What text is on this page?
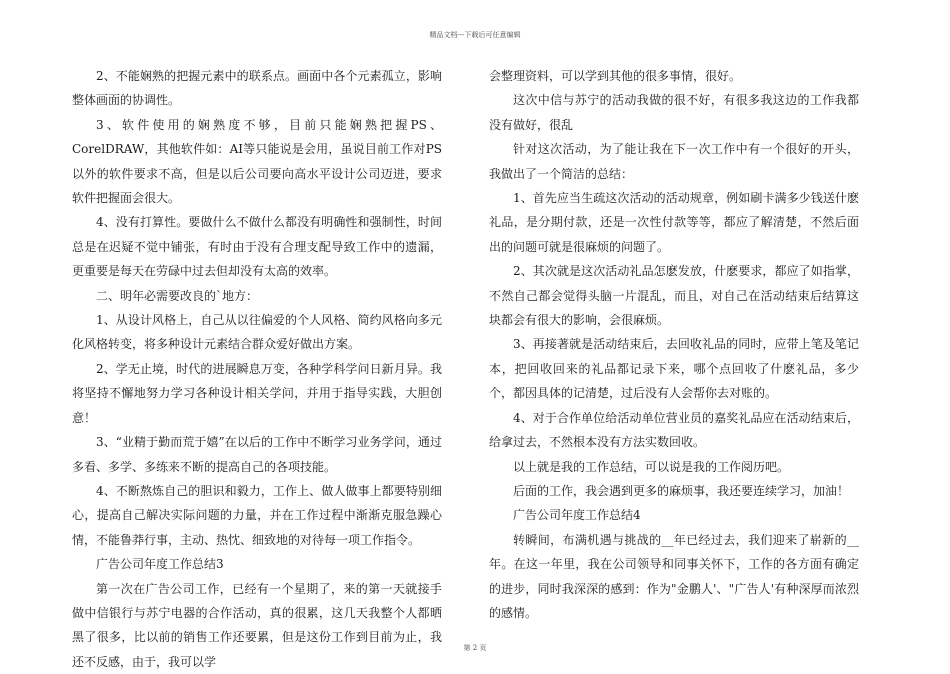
精品文档---下载后可任意编辑

2、不能娴熟的把握元素中的联系点。画面中各个元素孤立，影响整体画面的协调性。

3、软件使用的娴熟度不够，目前只能娴熟把握PS、CorelDRAW，其他软件如：AI等只能说是会用，虽说目前工作对PS以外的软件要求不高，但是以后公司要向高水平设计公司迈进，要求软件把握面会很大。

4、没有打算性。要做什么不做什么都没有明确性和强制性，时间总是在迟疑不觉中铺张，有时由于没有合理支配导致工作中的遗漏，更重要是每天在劳碌中过去但却没有太高的效率。

二、明年必需要改良的`地方：

1、从设计风格上，自己从以往偏爱的个人风格、简约风格向多元化风格转变，将多种设计元素结合群众爱好做出方案。

2、学无止境，时代的进展瞬息万变，各种学科学问日新月异。我将坚持不懈地努力学习各种设计相关学问，并用于指导实践，大胆创意！

3、“业精于勤而荒于嬉”在以后的工作中不断学习业务学问，通过多看、多学、多练来不断的提高自己的各项技能。

4、不断熬炼自己的胆识和毅力，工作上、做人做事上都要特别细心，提高自己解决实际问题的力量，并在工作过程中渐渐克服急躁心情，不能鲁莽行事，主动、热忱、细致地的对待每一项工作指令。

广告公司年度工作总结3

第一次在广告公司工作，已经有一个星期了，来的第一天就接手做中信银行与苏宁电器的合作活动，真的很累，这几天我整个人都晒黑了很多，比以前的销售工作还要累，但是这份工作到目前为止，我还不反感，由于，我可以学

会整理资料，可以学到其他的很多事情，很好。

这次中信与苏宁的活动我做的很不好，有很多我这边的工作我都没有做好，很乱

针对这次活动，为了能让我在下一次工作中有一个很好的开头，我做出了一个简洁的总结：

1、首先应当生疏这次活动的活动规章，例如刷卡满多少钱送什麽礼品，是分期付款，还是一次性付款等等，都应了解清楚，不然后面出的问题可就是很麻烦的问题了。

2、其次就是这次活动礼品怎麽发放，什麽要求，都应了如指掌，不然自己都会觉得头脑一片混乱，而且，对自己在活动结束后结算这块都会有很大的影响，会很麻烦。

3、再接著就是活动结束后，去回收礼品的同时，应带上笔及笔记本，把回收回来的礼品都记录下来，哪个点回收了什麽礼品，多少个，都因具体的记清楚，过后没有人会帮你去对账的。

4、对于合作单位给活动单位营业员的嘉奖礼品应在活动结束后，给拿过去，不然根本没有方法实数回收。

以上就是我的工作总结，可以说是我的工作阅历吧。

后面的工作，我会遇到更多的麻烦事，我还要连续学习，加油！

广告公司年度工作总结4

转瞬间，布满机遇与挑战的__年已经过去，我们迎来了崭新的__年。在这一年里，我在公司领导和同事关怀下，工作的各方面有确定的进步，同时我深深的感到：作为"金鹏人'、"广告人'有种深厚而浓烈的感情。

第 2 页
